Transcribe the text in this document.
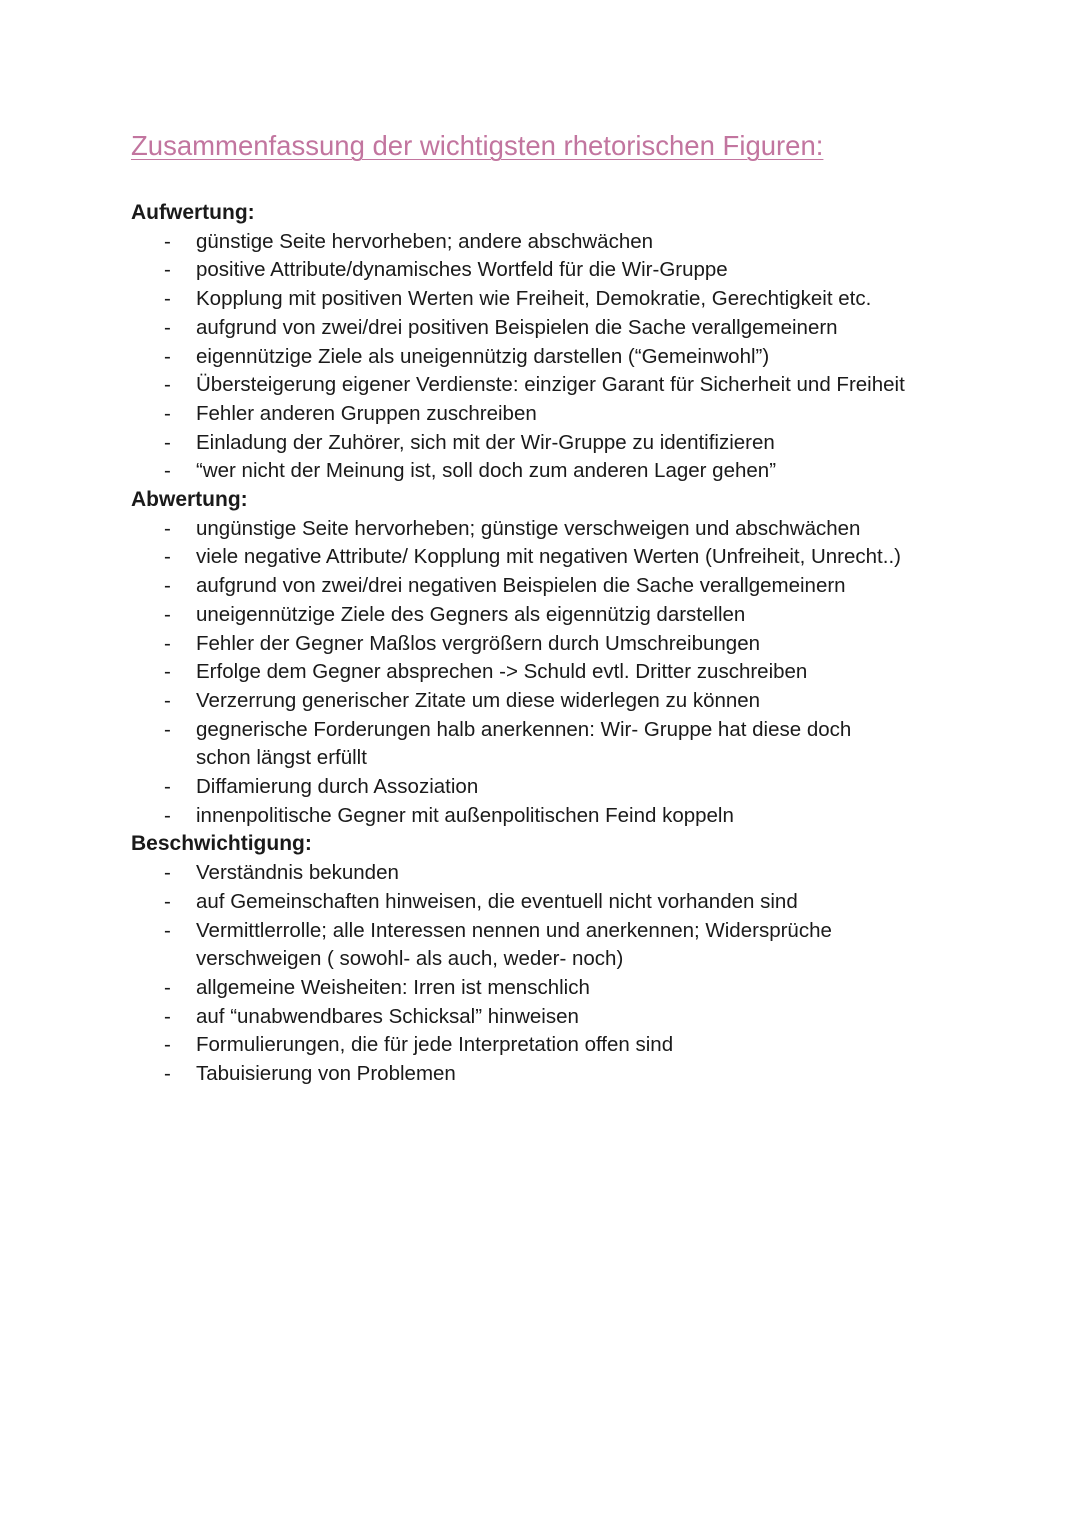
Zusammenfassung der wichtigsten rhetorischen Figuren:
Aufwertung:
- günstige Seite hervorheben; andere abschwächen
- positive Attribute/dynamisches Wortfeld für die Wir-Gruppe
- Kopplung mit positiven Werten wie Freiheit, Demokratie, Gerechtigkeit etc.
- aufgrund von zwei/drei positiven Beispielen die Sache verallgemeinern
- eigennützige Ziele als uneigennützig darstellen (“Gemeinwohl”)
- Übersteigerung eigener Verdienste: einziger Garant für Sicherheit und Freiheit
- Fehler anderen Gruppen zuschreiben
- Einladung der Zuhörer, sich mit der Wir-Gruppe zu identifizieren
- “wer nicht der Meinung ist, soll doch zum anderen Lager gehen”
Abwertung:
- ungünstige Seite hervorheben; günstige verschweigen und abschwächen
- viele negative Attribute/ Kopplung mit negativen Werten (Unfreiheit, Unrecht..)
- aufgrund von zwei/drei negativen Beispielen die Sache verallgemeinern
- uneigennützige Ziele des Gegners als eigennützig darstellen
- Fehler der Gegner Maßlos vergrößern durch Umschreibungen
- Erfolge dem Gegner absprechen -> Schuld evtl. Dritter zuschreiben
- Verzerrung generischer Zitate um diese widerlegen zu können
- gegnerische Forderungen halb anerkennen: Wir- Gruppe hat diese doch
schon längst erfüllt
- Diffamierung durch Assoziation
- innenpolitische Gegner mit außenpolitischen Feind koppeln
Beschwichtigung:
- Verständnis bekunden
- auf Gemeinschaften hinweisen, die eventuell nicht vorhanden sind
- Vermittlerrolle; alle Interessen nennen und anerkennen; Widersprüche
verschweigen ( sowohl- als auch, weder- noch)
- allgemeine Weisheiten: Irren ist menschlich
- auf “unabwendbares Schicksal” hinweisen
- Formulierungen, die für jede Interpretation offen sind
- Tabuisierung von Problemen
